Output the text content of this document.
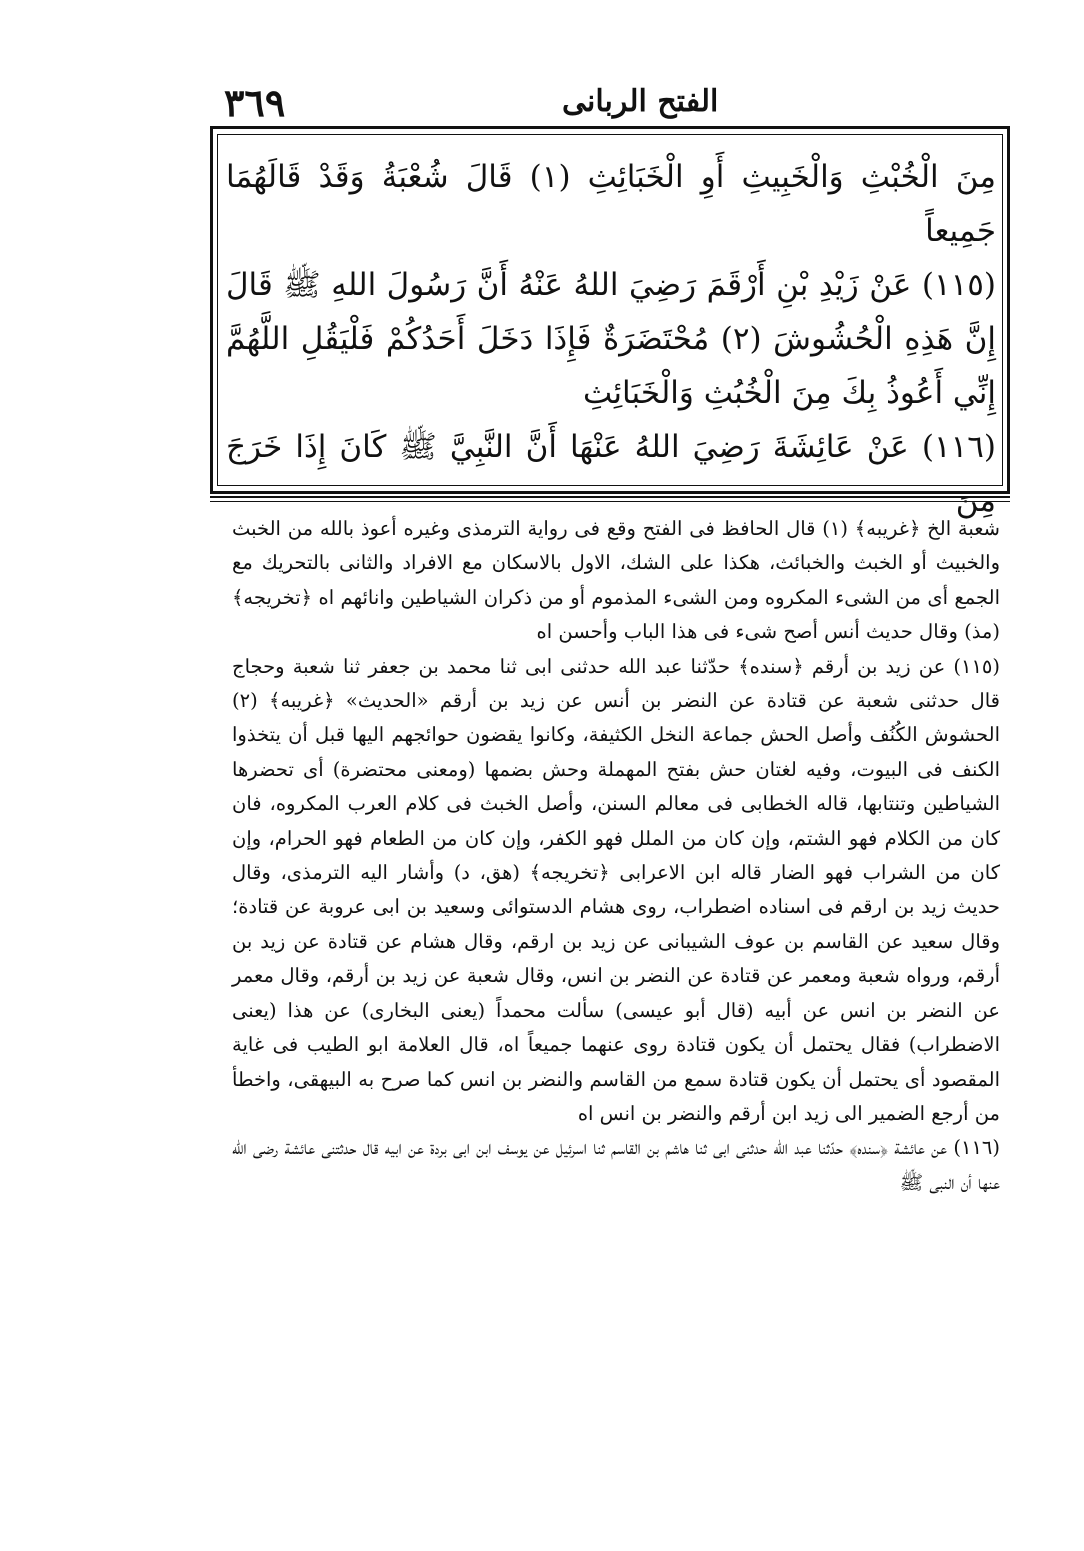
٣٦٩	الفتح الربانى

مِنَ الْخُبْثِ وَالْخَبِيثِ أَوِ الْخَبَائِثِ (١) قَالَ شُعْبَةُ وَقَدْ قَالَهُمَا جَمِيعاً

(١١٥) عَنْ زَيْدِ بْنِ أَرْقَمَ رَضِيَ اللهُ عَنْهُ أَنَّ رَسُولَ اللهِ ﷺ قَالَ إِنَّ هَذِهِ الْحُشُوشَ (٢) مُحْتَضَرَةٌ فَإِذَا دَخَلَ أَحَدُكُمْ فَلْيَقُلِ اللَّهُمَّ إِنِّي أَعُوذُ بِكَ مِنَ الْخُبُثِ وَالْخَبَائِثِ

(١١٦) عَنْ عَائِشَةَ رَضِيَ اللهُ عَنْهَا أَنَّ النَّبِيَّ ﷺ كَانَ إِذَا خَرَجَ مِنَ

شعبة الخ ﴿غريبه﴾ (١) قال الحافظ فى الفتح وقع فى رواية الترمذى وغيره أعوذ بالله من الخبث والخبيث أو الخبث والخبائث، هكذا على الشك، الاول بالاسكان مع الافراد والثانى بالتحريك مع الجمع أى من الشىء المكروه ومن الشىء المذموم أو من ذكران الشياطين وانائهم اه ﴿تخريجه﴾ (مذ) وقال حديث أنس أصح شىء فى هذا الباب وأحسن اه

(١١٥) عن زيد بن أرقم ﴿سنده﴾ حدّثنا عبد الله حدثنى ابى ثنا محمد بن جعفر ثنا شعبة وحجاج قال حدثنى شعبة عن قتادة عن النضر بن أنس عن زيد بن أرقم «الحديث» ﴿غريبه﴾ (٢) الحشوش الكُنُف وأصل الحش جماعة النخل الكثيفة، وكانوا يقضون حوائجهم اليها قبل أن يتخذوا الكنف فى البيوت، وفيه لغتان حش بفتح المهملة وحش بضمها (ومعنى محتضرة) أى تحضرها الشياطين وتنتابها، قاله الخطابى فى معالم السنن، وأصل الخبث فى كلام العرب المكروه، فان كان من الكلام فهو الشتم، وإن كان من الملل فهو الكفر، وإن كان من الطعام فهو الحرام، وإن كان من الشراب فهو الضار قاله ابن الاعرابى ﴿تخريجه﴾ (هق، د) وأشار اليه الترمذى، وقال حديث زيد بن ارقم فى اسناده اضطراب، روى هشام الدستوائى وسعيد بن ابى عروبة عن قتادة؛ وقال سعيد عن القاسم بن عوف الشيبانى عن زيد بن ارقم، وقال هشام عن قتادة عن زيد بن أرقم، ورواه شعبة ومعمر عن قتادة عن النضر بن انس، وقال شعبة عن زيد بن أرقم، وقال معمر عن النضر بن انس عن أبيه (قال أبو عيسى) سألت محمداً (يعنى البخارى) عن هذا (يعنى الاضطراب) فقال يحتمل أن يكون قتادة روى عنهما جميعاً اه، قال العلامة ابو الطيب فى غاية المقصود أى يحتمل أن يكون قتادة سمع من القاسم والنضر بن انس كما صرح به البيهقى، واخطأ من أرجع الضمير الى زيد ابن أرقم والنضر بن انس اه

(١١٦) عن عائشة ﴿سنده﴾ حدّثنا عبد الله حدثنى ابى ثنا هاشم بن القاسم ثنا اسرئيل عن يوسف ابن ابى بردة عن ابيه قال حدثتنى عائشة رضى الله عنها أن النبى ﷺ
